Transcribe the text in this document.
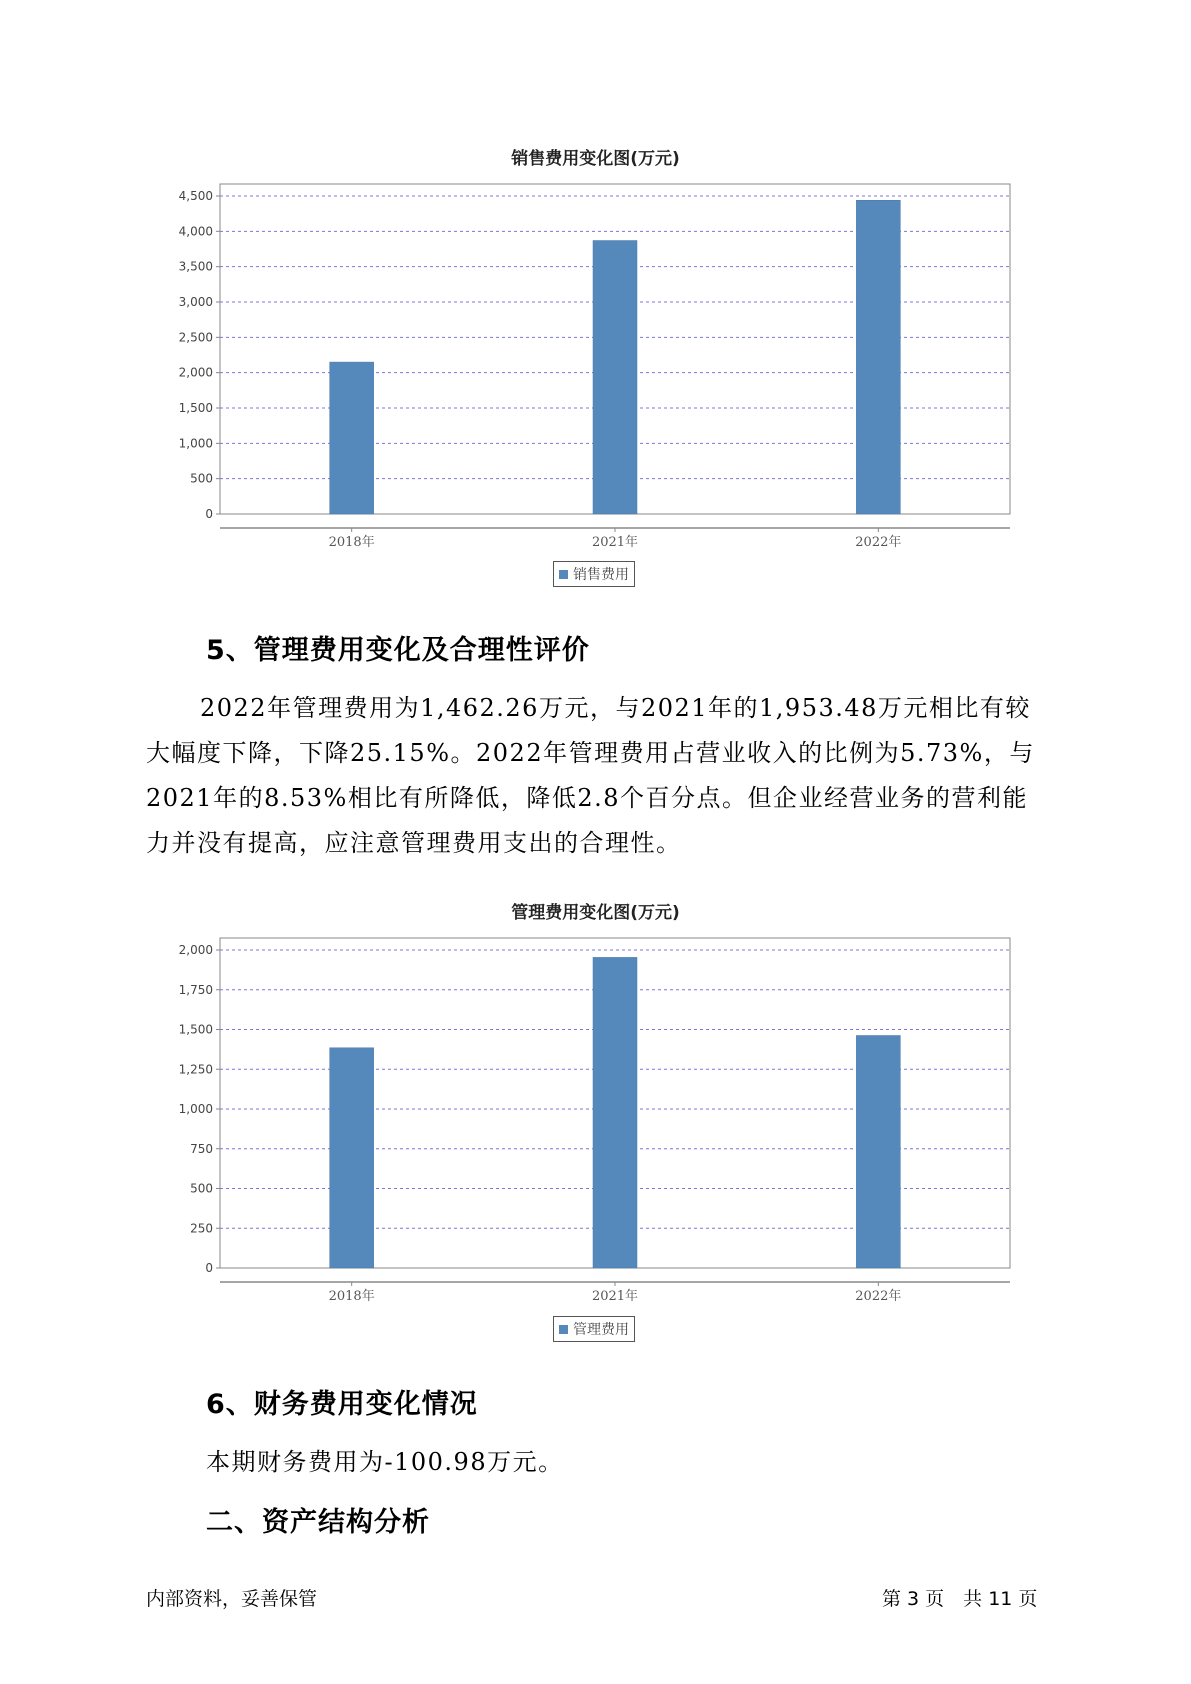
销售费用变化图(万元)
0
500
1,000
1,500
2,000
2,500
3,000
3,500
4,000
4,500
2018年	2021年	2022年
销售费用
5、管理费用变化及合理性评价
2022年管理费用为1,462.26万元，与2021年的1,953.48万元相比有较大幅度下降，下降25.15%。2022年管理费用占营业收入的比例为5.73%，与2021年的8.53%相比有所降低，降低2.8个百分点。但企业经营业务的营利能力并没有提高，应注意管理费用支出的合理性。
管理费用变化图(万元)
0
250
500
750
1,000
1,250
1,500
1,750
2,000
2018年	2021年	2022年
管理费用
6、财务费用变化情况
本期财务费用为-100.98万元。
二、资产结构分析
内部资料，妥善保管	第 3 页　共 11 页
